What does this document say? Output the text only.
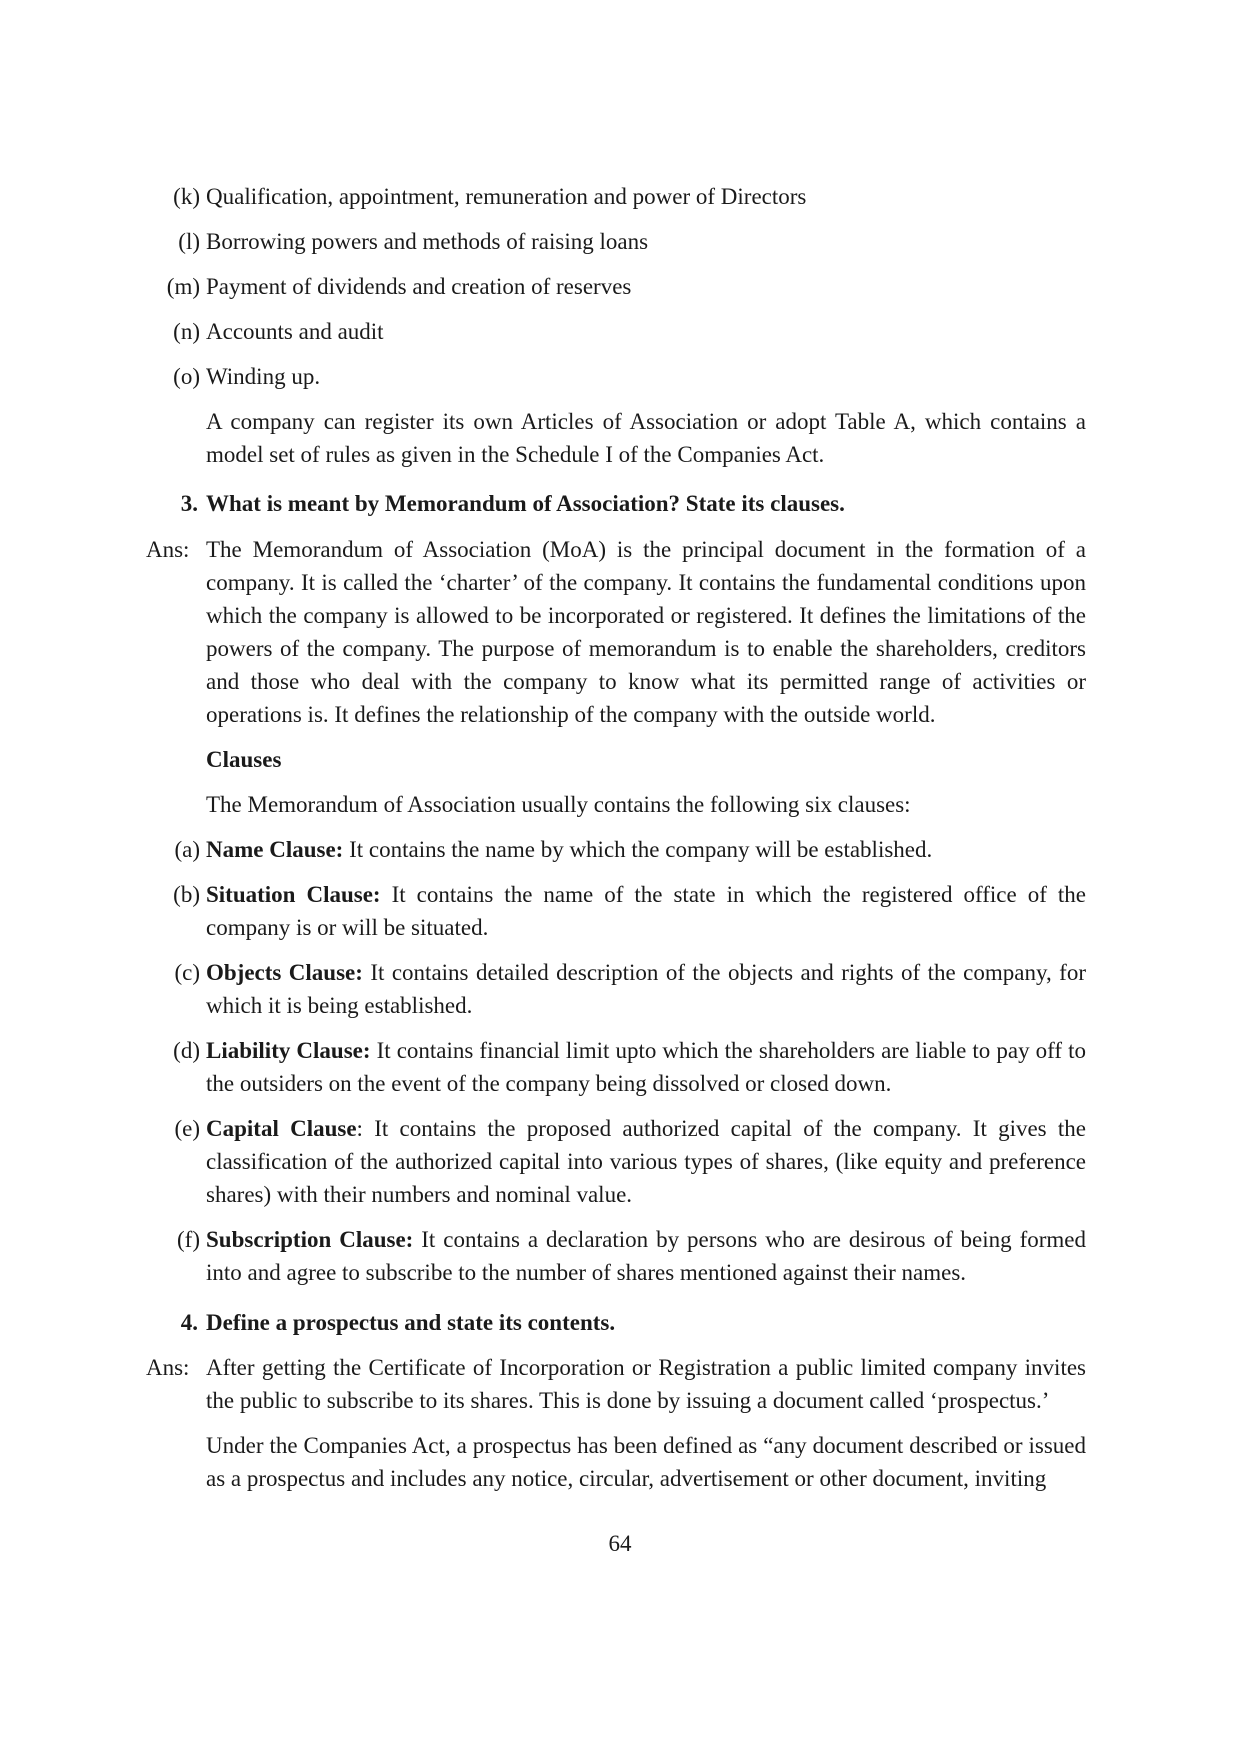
(k) Qualification, appointment, remuneration and power of Directors
(l) Borrowing powers and methods of raising loans
(m) Payment of dividends and creation of reserves
(n) Accounts and audit
(o) Winding up.
A company can register its own Articles of Association or adopt Table A, which contains a model set of rules as given in the Schedule I of the Companies Act.
3. What is meant by Memorandum of Association? State its clauses.
Ans: The Memorandum of Association (MoA) is the principal document in the formation of a company. It is called the ‘charter’ of the company. It contains the fundamental conditions upon which the company is allowed to be incorporated or registered. It defines the limitations of the powers of the company. The purpose of memorandum is to enable the shareholders, creditors and those who deal with the company to know what its permitted range of activities or operations is. It defines the relationship of the company with the outside world.
Clauses
The Memorandum of Association usually contains the following six clauses:
(a) Name Clause: It contains the name by which the company will be established.
(b) Situation Clause: It contains the name of the state in which the registered office of the company is or will be situated.
(c) Objects Clause: It contains detailed description of the objects and rights of the company, for which it is being established.
(d) Liability Clause: It contains financial limit upto which the shareholders are liable to pay off to the outsiders on the event of the company being dissolved or closed down.
(e) Capital Clause: It contains the proposed authorized capital of the company. It gives the classification of the authorized capital into various types of shares, (like equity and preference shares) with their numbers and nominal value.
(f) Subscription Clause: It contains a declaration by persons who are desirous of being formed into and agree to subscribe to the number of shares mentioned against their names.
4. Define a prospectus and state its contents.
Ans: After getting the Certificate of Incorporation or Registration a public limited company invites the public to subscribe to its shares. This is done by issuing a document called ‘prospectus.’
Under the Companies Act, a prospectus has been defined as “any document described or issued as a prospectus and includes any notice, circular, advertisement or other document, inviting
64
